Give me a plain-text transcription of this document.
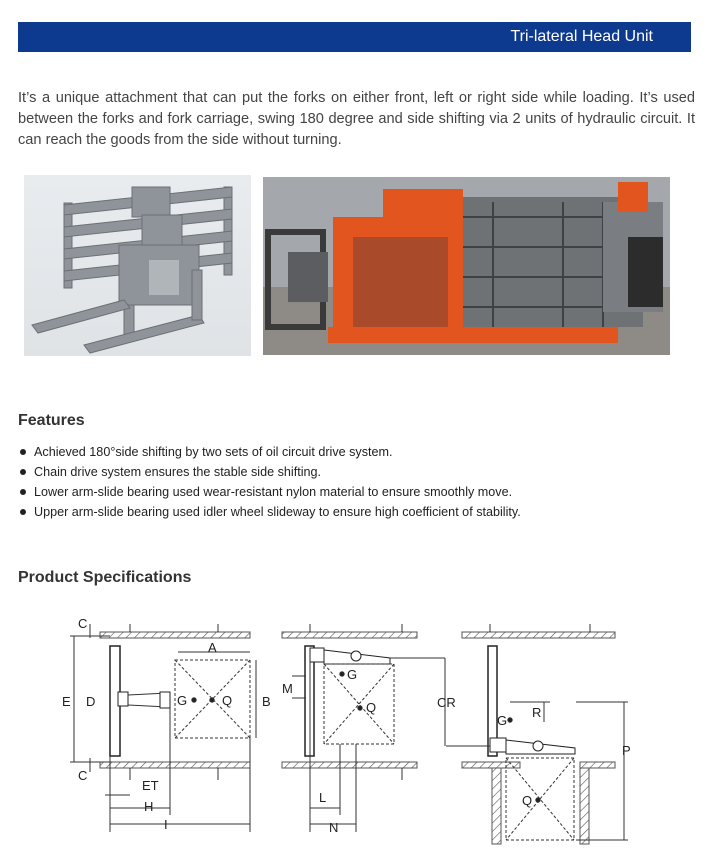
Tri-lateral Head Unit

It’s a unique attachment that can put the forks on either front, left or right side while loading. It’s used between the forks and fork carriage, swing 180 degree and side shifting via 2 units of hydraulic circuit. It can reach the goods from the side without turning.

Features
Achieved 180°side shifting by two sets of oil circuit drive system.
Chain drive system ensures the stable side shifting.
Lower arm-slide bearing used wear-resistant nylon material to ensure smoothly move.
Upper arm-slide bearing used idler wheel slideway to ensure high coefficient of stability.
Product Specifications
C
E D
C
A
B
G	Q
ET
H
I
M
G
Q
L
N
CR
R
G
P
Q
